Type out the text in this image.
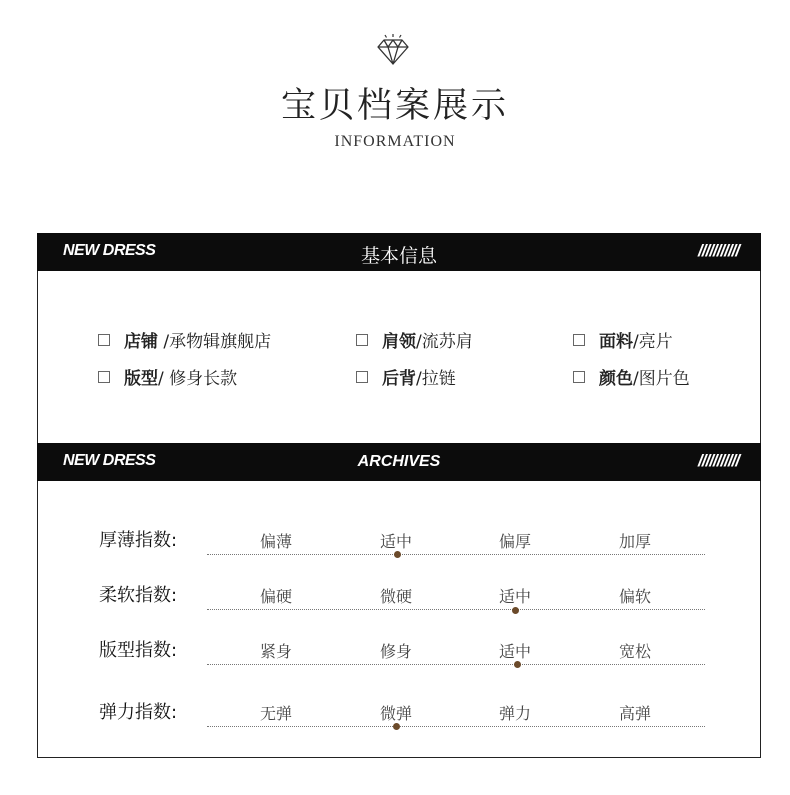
宝贝档案展示
INFORMATION
NEW DRESS	基本信息	///////////
店铺 /承物辑旗舰店	肩领/流苏肩	面料/亮片
版型/ 修身长款	后背/拉链	颜色/图片色
NEW DRESS	ARCHIVES	///////////
厚薄指数:	偏薄	适中	偏厚	加厚
柔软指数:	偏硬	微硬	适中	偏软
版型指数:	紧身	修身	适中	宽松
弹力指数:	无弹	微弹	弹力	高弹
